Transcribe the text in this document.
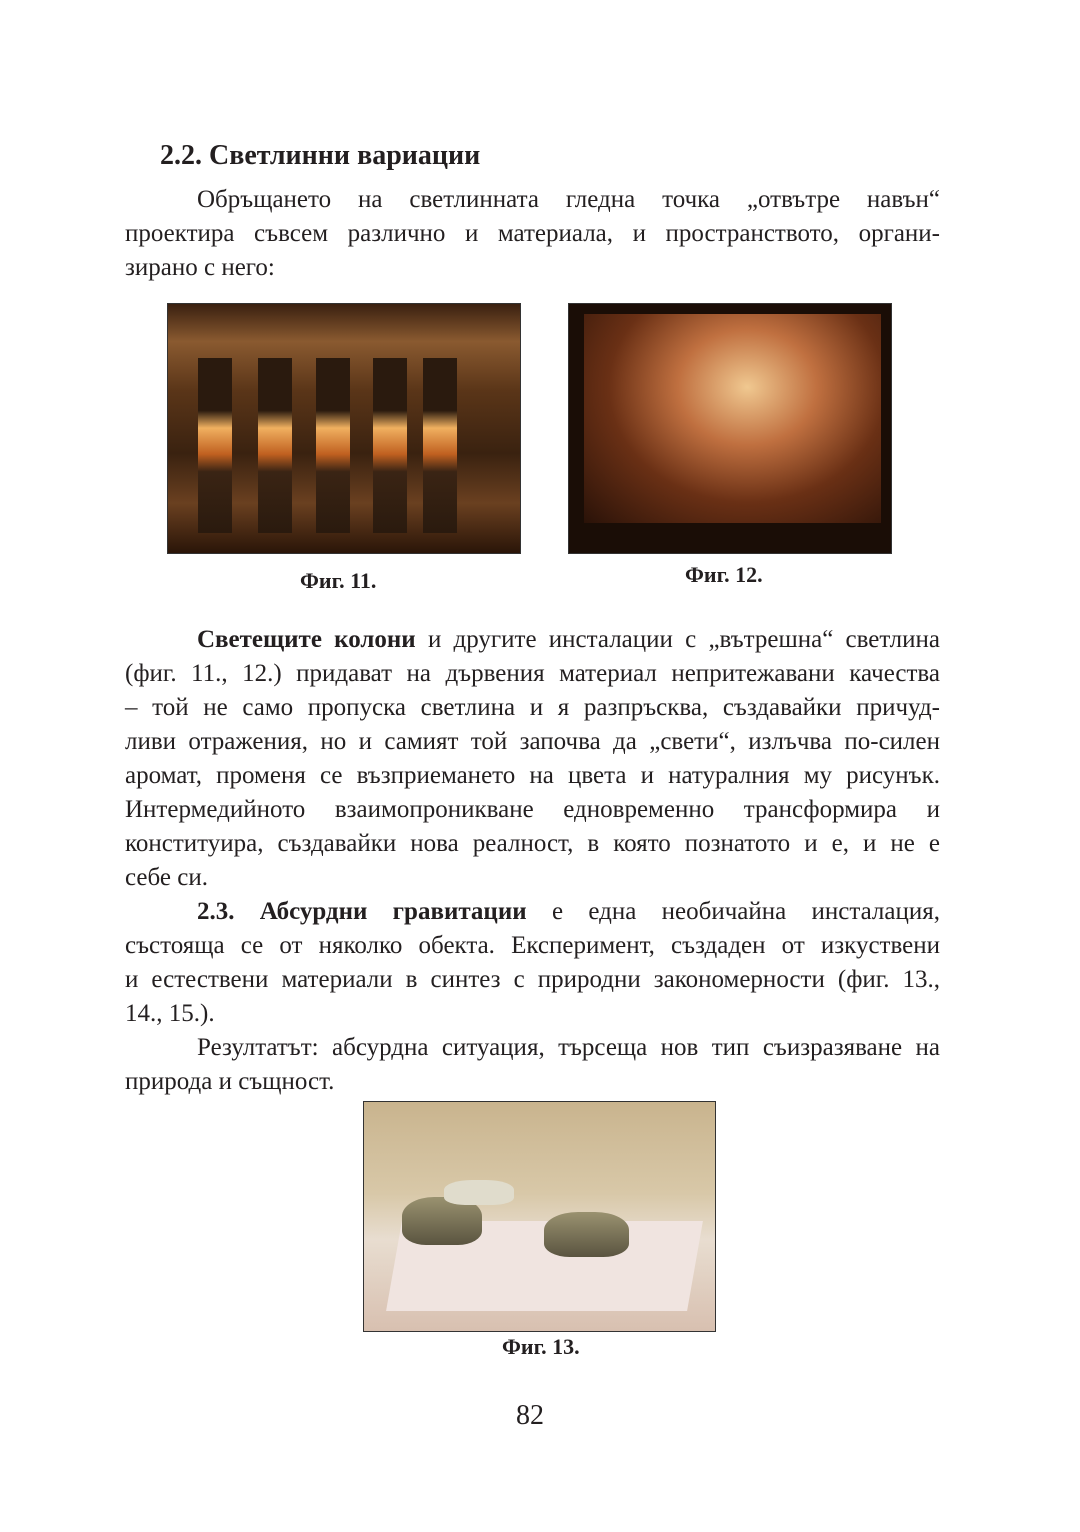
2.2. Светлинни вариации
Обръщането на светлинната гледна точка „отвътре навън“
проектира съвсем различно и материала, и пространството, органи-
зирано с него:
Фиг. 11.	Фиг. 12.
Светещите колони и другите инсталации с „вътрешна“ светлина
(фиг. 11., 12.) придават на дървения материал непритежавани качества
– той не само пропуска светлина и я разпръсква, създавайки причуд-
ливи отражения, но и самият той започва да „свети“, излъчва по-силен
аромат, променя се възприемането на цвета и натуралния му рисунък.
Интермедийното взаимопроникване едновременно трансформира и
конституира, създавайки нова реалност, в която познатото и е, и не е
себе си.
2.3. Абсурдни гравитации е една необичайна инсталация,
състояща се от няколко обекта. Експеримент, създаден от изкуствени
и естествени материали в синтез с природни закономерности (фиг. 13.,
14., 15.).
Резултатът: абсурдна ситуация, търсеща нов тип съизразяване на
природа и същност.
Фиг. 13.
82
